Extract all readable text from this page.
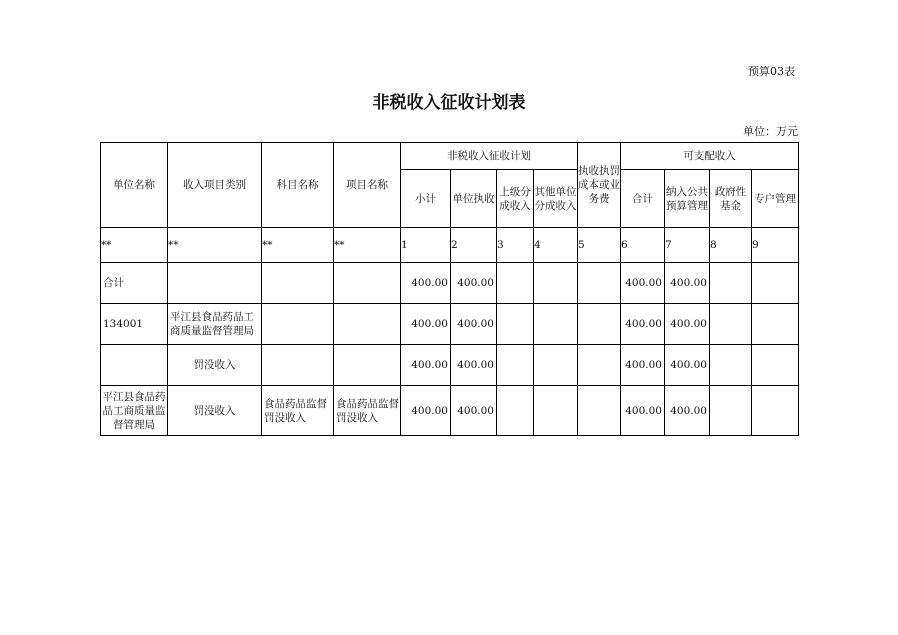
预算03表
非税收入征收计划表
单位：万元
单位名称	收入项目类别	科目名称	项目名称	非税收入征收计划				执收执罚成本或业务费	可支配收入			
				小计	单位执收	上级分成收入	其他单位分成收入		合计	纳入公共预算管理	政府性基金	专户管理
**	**	**	**	1	2	3	4	5	6	7	8	9
合计				400.00	400.00				400.00	400.00		
134001	平江县食品药品工商质量监督管理局			400.00	400.00				400.00	400.00		
	罚没收入			400.00	400.00				400.00	400.00		
平江县食品药品工商质量监督管理局	罚没收入	食品药品监督罚没收入	食品药品监督罚没收入	400.00	400.00				400.00	400.00		
